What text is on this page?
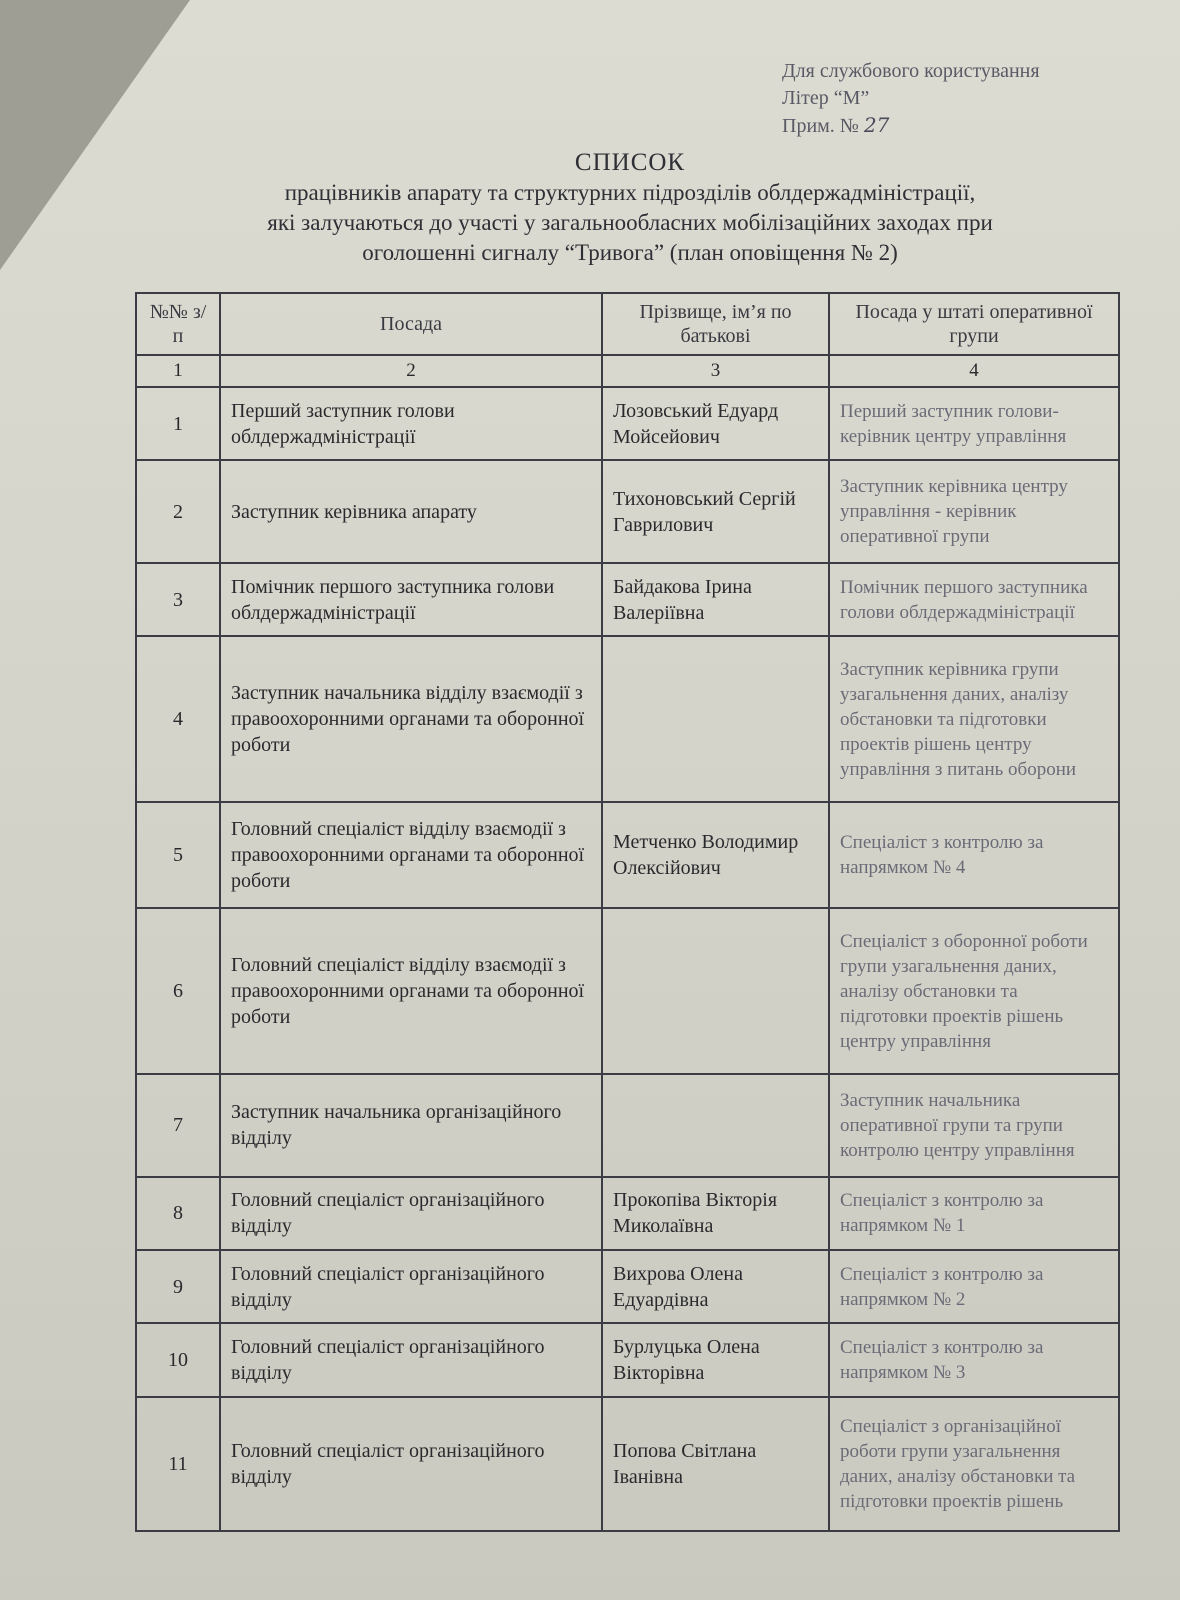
Для службового користування
Літер “М”
Прим. № 27
СПИСОК
працівників апарату та структурних підрозділів облдержадміністрації,
які залучаються до участі у загальнообласних мобілізаційних заходах при
оголошенні сигналу “Тривога” (план оповіщення № 2)
№№ з/п	Посада	Прізвище, ім’я по батькові	Посада у штаті оперативної групи
1	2	3	4
1	Перший заступник голови облдержадміністрації	Лозовський Едуард Мойсейович	Перший заступник голови-керівник центру управління
2	Заступник керівника апарату	Тихоновський Сергій Гаврилович	Заступник керівника центру управління - керівник оперативної групи
3	Помічник першого заступника голови облдержадміністрації	Байдакова Ірина Валеріївна	Помічник першого заступника голови облдержадміністрації
4	Заступник начальника відділу взаємодії з правоохоронними органами та оборонної роботи		Заступник керівника групи узагальнення даних, аналізу обстановки та підготовки проектів рішень центру управління з питань оборони
5	Головний спеціаліст відділу взаємодії з правоохоронними органами та оборонної роботи	Метченко Володимир Олексійович	Спеціаліст з контролю за напрямком № 4
6	Головний спеціаліст відділу взаємодії з правоохоронними органами та оборонної роботи		Спеціаліст з оборонної роботи групи узагальнення даних, аналізу обстановки та підготовки проектів рішень центру управління
7	Заступник начальника організаційного відділу		Заступник начальника оперативної групи та групи контролю центру управління
8	Головний спеціаліст організаційного відділу	Прокопіва Вікторія Миколаївна	Спеціаліст з контролю за напрямком № 1
9	Головний спеціаліст організаційного відділу	Вихрова Олена Едуардівна	Спеціаліст з контролю за напрямком № 2
10	Головний спеціаліст організаційного відділу	Бурлуцька Олена Вікторівна	Спеціаліст з контролю за напрямком № 3
11	Головний спеціаліст організаційного відділу	Попова Світлана Іванівна	Спеціаліст з організаційної роботи групи узагальнення даних, аналізу обстановки та підготовки проектів рішень
